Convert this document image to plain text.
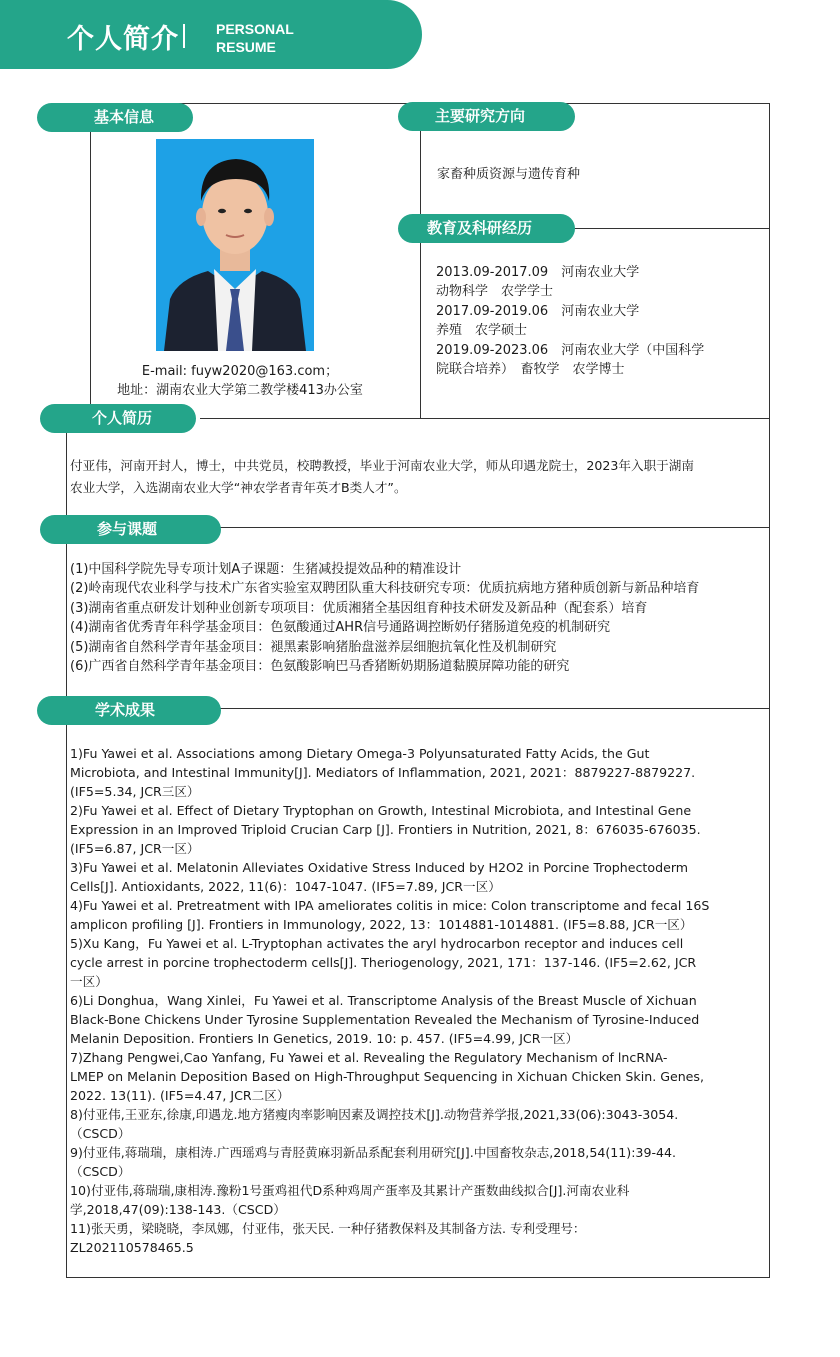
个人简介	PERSONAL
RESUME
基本信息	主要研究方向
教育及科研经历
个人简历
参与课题
学术成果
E-mail: fuyw2020@163.com；
地址：湖南农业大学第二教学楼413办公室
家畜种质资源与遗传育种
2013.09-2017.09　河南农业大学
动物科学　农学学士
2017.09-2019.06　河南农业大学
养殖　农学硕士
2019.09-2023.06　河南农业大学（中国科学
院联合培养）　畜牧学　农学博士
付亚伟，河南开封人，博士，中共党员，校聘教授，毕业于河南农业大学，师从印遇龙院士，2023年入职于湖南
农业大学，入选湖南农业大学“神农学者青年英才B类人才”。
(1)中国科学院先导专项计划A子课题：生猪减投提效品种的精准设计
(2)岭南现代农业科学与技术广东省实验室双聘团队重大科技研究专项：优质抗病地方猪种质创新与新品种培育
(3)湖南省重点研发计划种业创新专项项目：优质湘猪全基因组育种技术研发及新品种（配套系）培育
(4)湖南省优秀青年科学基金项目：色氨酸通过AHR信号通路调控断奶仔猪肠道免疫的机制研究
(5)湖南省自然科学青年基金项目：褪黑素影响猪胎盘滋养层细胞抗氧化性及机制研究
(6)广西省自然科学青年基金项目：色氨酸影响巴马香猪断奶期肠道黏膜屏障功能的研究
1)Fu Yawei et al. Associations among Dietary Omega-3 Polyunsaturated Fatty Acids, the Gut
Microbiota, and Intestinal Immunity[J]. Mediators of Inflammation, 2021, 2021：8879227-8879227.
(IF5=5.34, JCR三区）
2)Fu Yawei et al. Effect of Dietary Tryptophan on Growth, Intestinal Microbiota, and Intestinal Gene
Expression in an Improved Triploid Crucian Carp [J]. Frontiers in Nutrition, 2021, 8：676035-676035.
(IF5=6.87, JCR一区）
3)Fu Yawei et al. Melatonin Alleviates Oxidative Stress Induced by H2O2 in Porcine Trophectoderm
Cells[J]. Antioxidants, 2022, 11(6)：1047-1047. (IF5=7.89, JCR一区）
4)Fu Yawei et al. Pretreatment with IPA ameliorates colitis in mice: Colon transcriptome and fecal 16S
amplicon profiling [J]. Frontiers in Immunology, 2022, 13：1014881-1014881. (IF5=8.88, JCR一区）
5)Xu Kang，Fu Yawei et al. L-Tryptophan activates the aryl hydrocarbon receptor and induces cell
cycle arrest in porcine trophectoderm cells[J]. Theriogenology, 2021, 171：137-146. (IF5=2.62, JCR
一区）
6)Li Donghua，Wang Xinlei，Fu Yawei et al. Transcriptome Analysis of the Breast Muscle of Xichuan
Black-Bone Chickens Under Tyrosine Supplementation Revealed the Mechanism of Tyrosine-Induced
Melanin Deposition. Frontiers In Genetics, 2019. 10: p. 457. (IF5=4.99, JCR一区）
7)Zhang Pengwei,Cao Yanfang, Fu Yawei et al. Revealing the Regulatory Mechanism of lncRNA-
LMEP on Melanin Deposition Based on High-Throughput Sequencing in Xichuan Chicken Skin. Genes,
2022. 13(11). (IF5=4.47, JCR二区）
8)付亚伟,王亚东,徐康,印遇龙.地方猪瘦肉率影响因素及调控技术[J].动物营养学报,2021,33(06):3043-3054.
（CSCD）
9)付亚伟,蒋瑞瑞，康相涛.广西瑶鸡与青胫黄麻羽新品系配套利用研究[J].中国畜牧杂志,2018,54(11):39-44.
（CSCD）
10)付亚伟,蒋瑞瑞,康相涛.豫粉1号蛋鸡祖代D系种鸡周产蛋率及其累计产蛋数曲线拟合[J].河南农业科
学,2018,47(09):138-143.（CSCD）
11)张天勇，梁晓晓，李凤娜，付亚伟，张天民. 一种仔猪教保料及其制备方法. 专利受理号：
ZL202110578465.5
